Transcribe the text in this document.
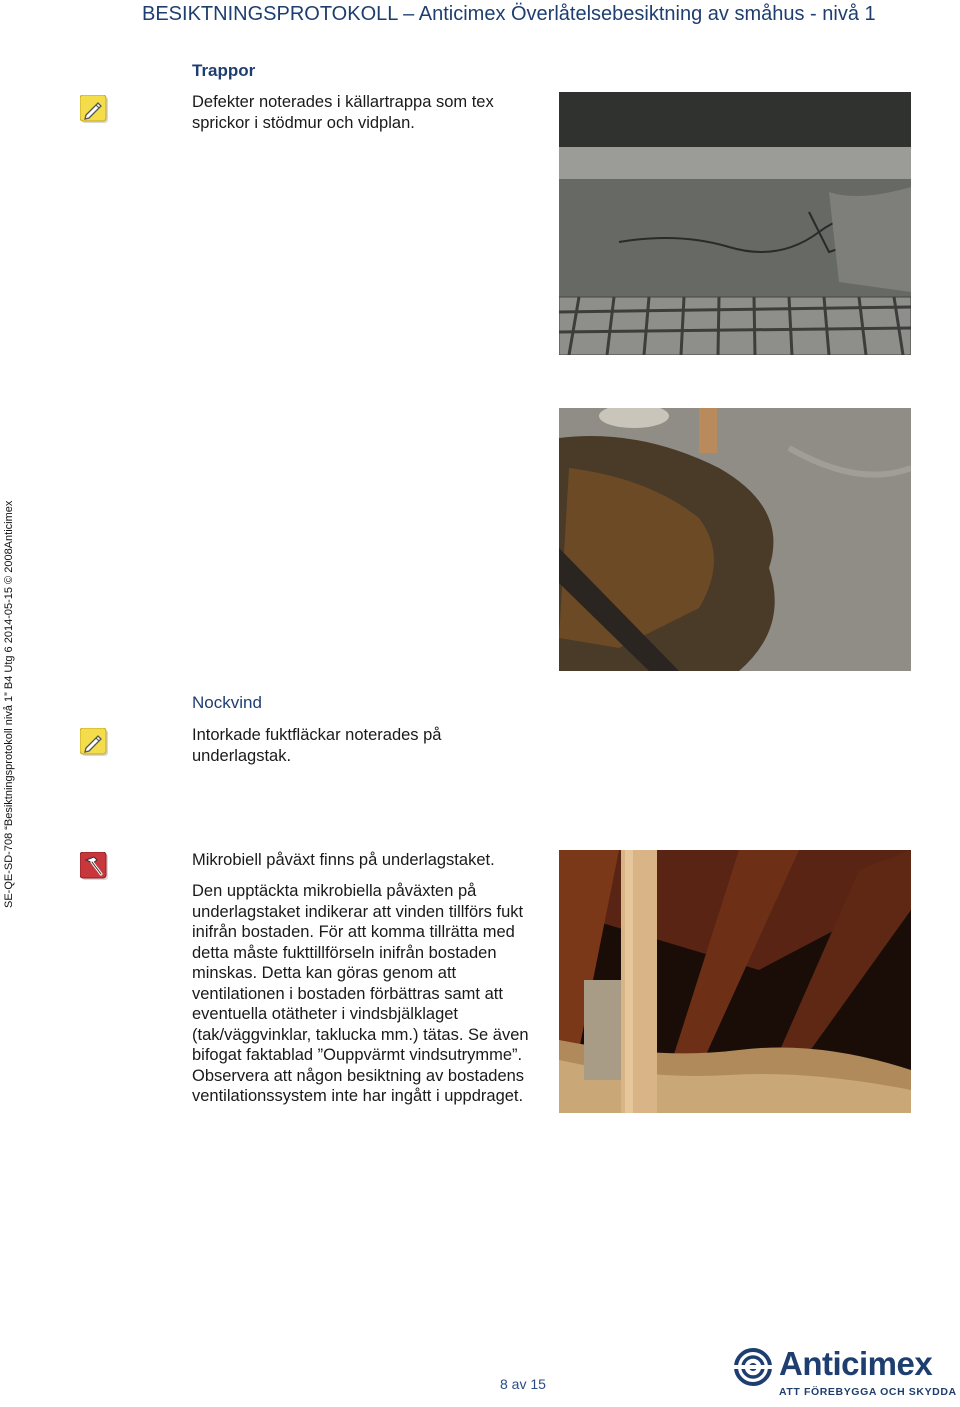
BESIKTNINGSPROTOKOLL – Anticimex Överlåtelsebesiktning av småhus - nivå 1
SE-QE-SD-708 “Besiktningsprotokoll nivå 1” B4 Utg 6 2014-05-15 © 2008Anticimex
Trappor
Defekter noterades i källartrappa som tex sprickor i stödmur och vidplan.
Nockvind
Intorkade fuktfläckar noterades på underlagstak.
Mikrobiell påväxt finns på underlagstaket.
Den upptäckta mikrobiella påväxten på underlagstaket indikerar att vinden tillförs fukt inifrån bostaden. För att komma tillrätta med detta måste fukttillförseln inifrån bostaden minskas. Detta kan göras genom att ventilationen i bostaden förbättras samt att eventuella otätheter i vindsbjälklaget (tak/väggvinklar, taklucka mm.) tätas. Se även bifogat faktablad ”Ouppvärmt vindsutrymme”. Observera att någon besiktning av bostadens ventilationssystem inte har ingått i uppdraget.
8 av 15
Anticimex
ATT FÖREBYGGA OCH SKYDDA
